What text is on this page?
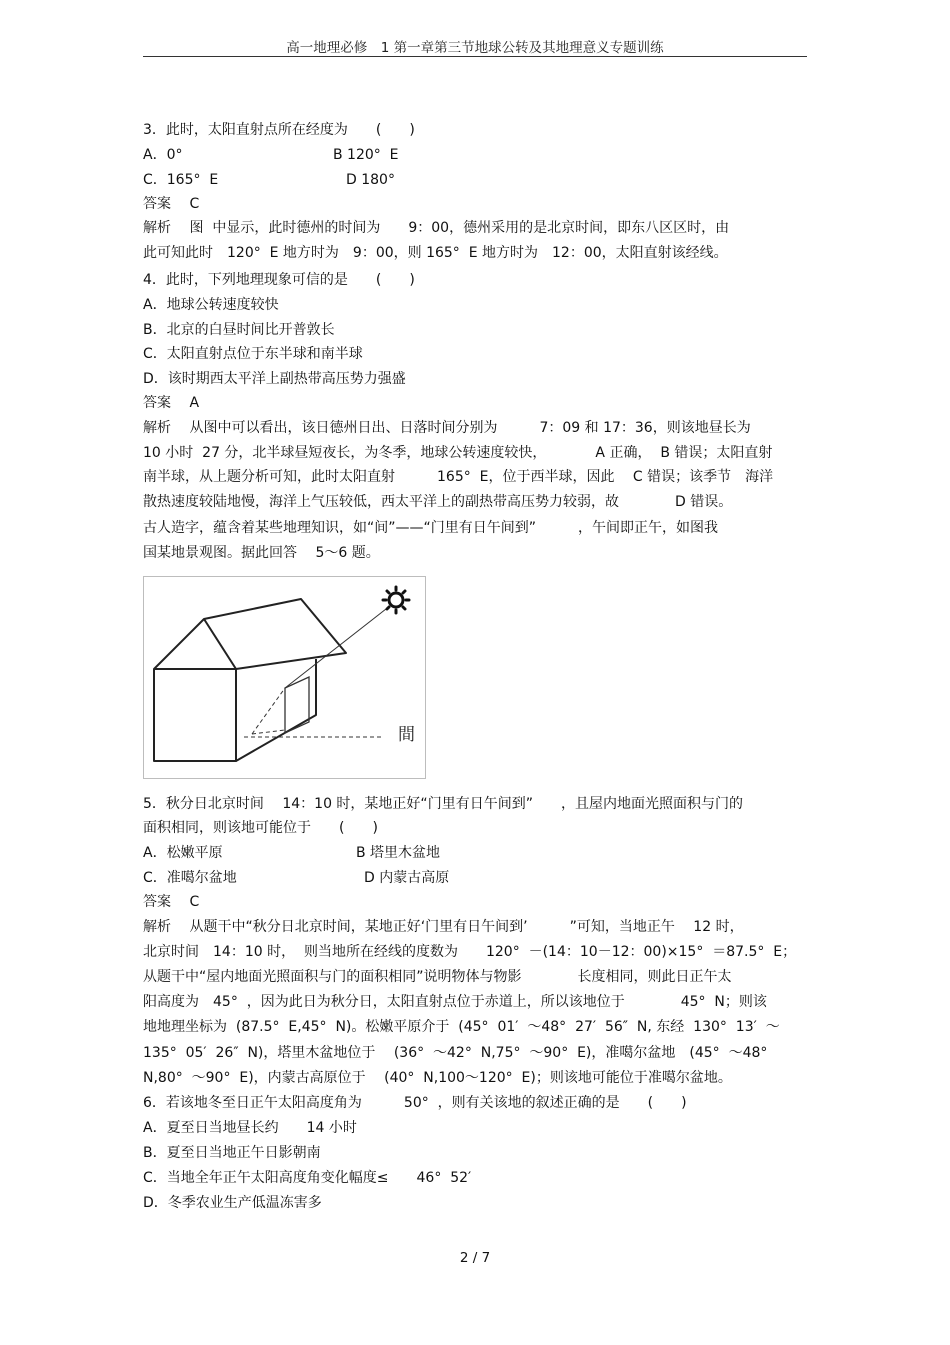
高一地理必修　1 第一章第三节地球公转及其地理意义专题训练
3．此时，太阳直射点所在经度为　　(　　)
A．0°	B 120°  E
C．165°  E	D 180°
答案　 C
解析　 图  中显示，此时德州的时间为　　9：00，德州采用的是北京时间，即东八区区时，由
此可知此时　120°  E 地方时为　9：00，则 165°  E 地方时为　12：00，太阳直射该经线。
4．此时，下列地理现象可信的是　　(　　)
A．地球公转速度较快
B．北京的白昼时间比开普敦长
C．太阳直射点位于东半球和南半球
D．该时期西太平洋上副热带高压势力强盛
答案　 A
解析　 从图中可以看出，该日德州日出、日落时间分别为　　　7：09 和 17：36，则该地昼长为
10 小时  27 分，北半球昼短夜长，为冬季，地球公转速度较快，　　　　A 正确，  B 错误；太阳直射
南半球，从上题分析可知，此时太阳直射　　　165°  E，位于西半球，因此　 C 错误；该季节　海洋
散热速度较陆地慢，海洋上气压较低，西太平洋上的副热带高压势力较弱，故　　　　D 错误。
古人造字，蕴含着某些地理知识，如“间”——“门里有日午间到”　　　，午间即正午，如图我
国某地景观图。据此回答　 5～6 题。
間
5．秋分日北京时间　 14：10 时，某地正好“门里有日午间到”　　，且屋内地面光照面积与门的
面积相同，则该地可能位于　　(　　)
A．松嫩平原	B 塔里木盆地
C．准噶尔盆地	D 内蒙古高原
答案　 C
解析　 从题干中“秋分日北京时间，某地正好‘门里有日午间到’　　　”可知，当地正午　 12 时，
北京时间　14：10 时，  则当地所在经线的度数为　　120°  －(14：10－12：00)×15°  ＝87.5°  E；
从题干中“屋内地面光照面积与门的面积相同”说明物体与物影　　　　长度相同，则此日正午太
阳高度为　45°  ，因为此日为秋分日，太阳直射点位于赤道上，所以该地位于　　　　45°  N；则该
地地理坐标为  (87.5°  E,45°  N)。松嫩平原介于  (45°  01′  ～48°  27′  56″  N, 东经  130°  13′  ～
135°  05′  26″  N)，塔里木盆地位于　 (36°  ～42°  N,75°  ～90°  E)，准噶尔盆地　(45°  ～48°
N,80°  ～90°  E)，内蒙古高原位于　 (40°  N,100～120°  E)；则该地可能位于准噶尔盆地。
6．若该地冬至日正午太阳高度角为　　　50°  ，则有关该地的叙述正确的是　　(　　)
A．夏至日当地昼长约　　14 小时
B．夏至日当地正午日影朝南
C．当地全年正午太阳高度角变化幅度≤　　46°  52′
D．冬季农业生产低温冻害多
2 / 7
